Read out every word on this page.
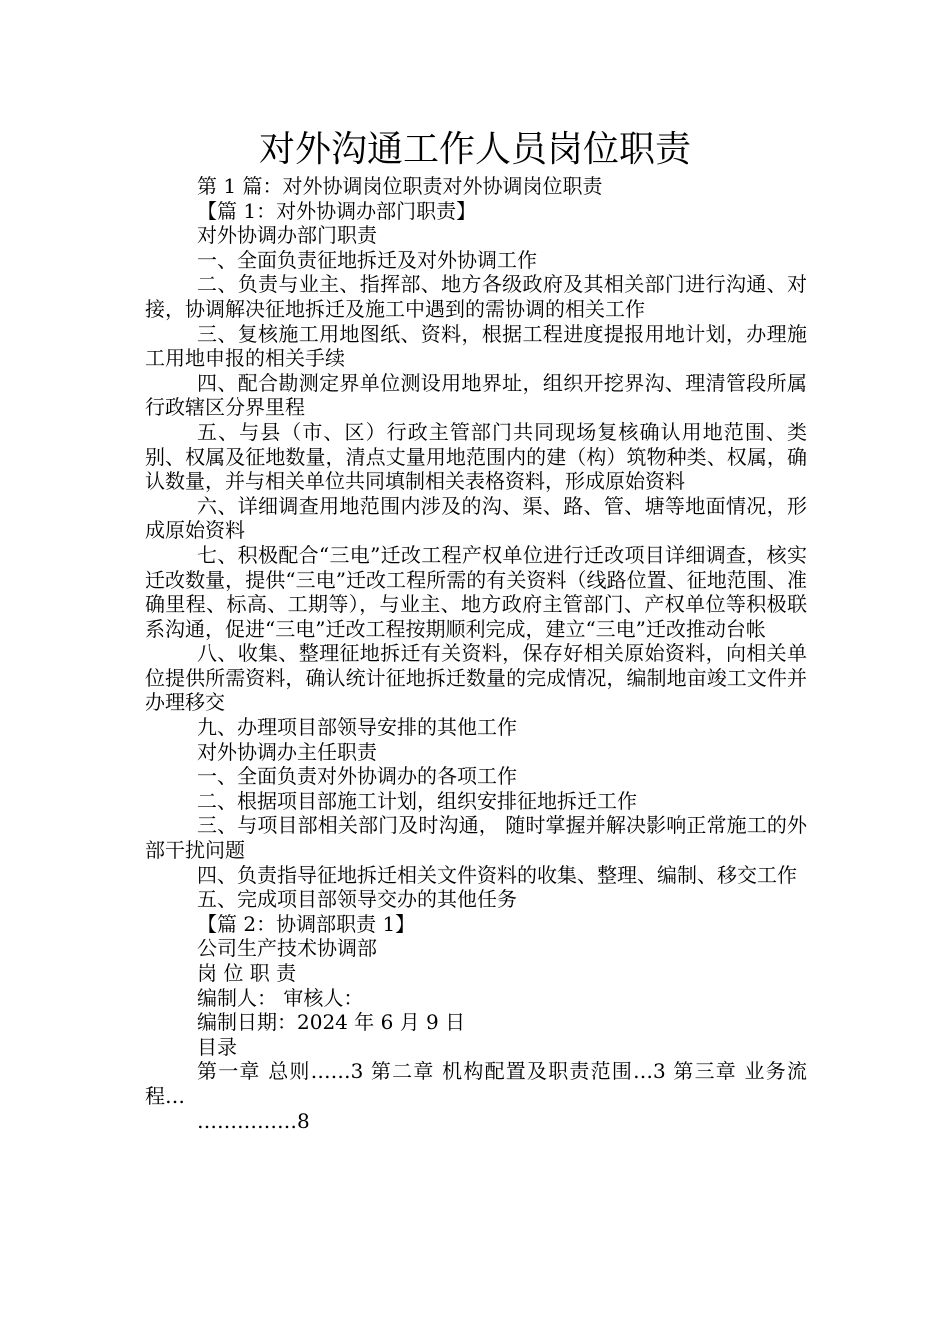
对外沟通工作人员岗位职责

第 1 篇：对外协调岗位职责对外协调岗位职责

【篇 1：对外协调办部门职责】

对外协调办部门职责

一、全面负责征地拆迁及对外协调工作

二、负责与业主、指挥部、地方各级政府及其相关部门进行沟通、对接，协调解决征地拆迁及施工中遇到的需协调的相关工作

三、复核施工用地图纸、资料，根据工程进度提报用地计划，办理施工用地申报的相关手续

四、配合勘测定界单位测设用地界址，组织开挖界沟、理清管段所属行政辖区分界里程

五、与县（市、区）行政主管部门共同现场复核确认用地范围、类别、权属及征地数量，清点丈量用地范围内的建（构）筑物种类、权属，确认数量，并与相关单位共同填制相关表格资料，形成原始资料

六、详细调查用地范围内涉及的沟、渠、路、管、塘等地面情况，形成原始资料

七、积极配合“三电”迁改工程产权单位进行迁改项目详细调查，核实迁改数量，提供“三电”迁改工程所需的有关资料（线路位置、征地范围、准确里程、标高、工期等），与业主、地方政府主管部门、产权单位等积极联系沟通，促进“三电”迁改工程按期顺利完成，建立“三电”迁改推动台帐

八、收集、整理征地拆迁有关资料，保存好相关原始资料，向相关单位提供所需资料，确认统计征地拆迁数量的完成情况，编制地亩竣工文件并办理移交

九、办理项目部领导安排的其他工作

对外协调办主任职责

一、全面负责对外协调办的各项工作

二、根据项目部施工计划，组织安排征地拆迁工作

三、与项目部相关部门及时沟通， 随时掌握并解决影响正常施工的外部干扰问题

四、负责指导征地拆迁相关文件资料的收集、整理、编制、移交工作

五、完成项目部领导交办的其他任务

【篇 2：协调部职责 1】

公司生产技术协调部

岗 位 职 责

编制人： 审核人：

编制日期：2024 年 6 月 9 日

目录

第一章 总则……3 第二章 机构配置及职责范围…3 第三章 业务流程…

……………8
